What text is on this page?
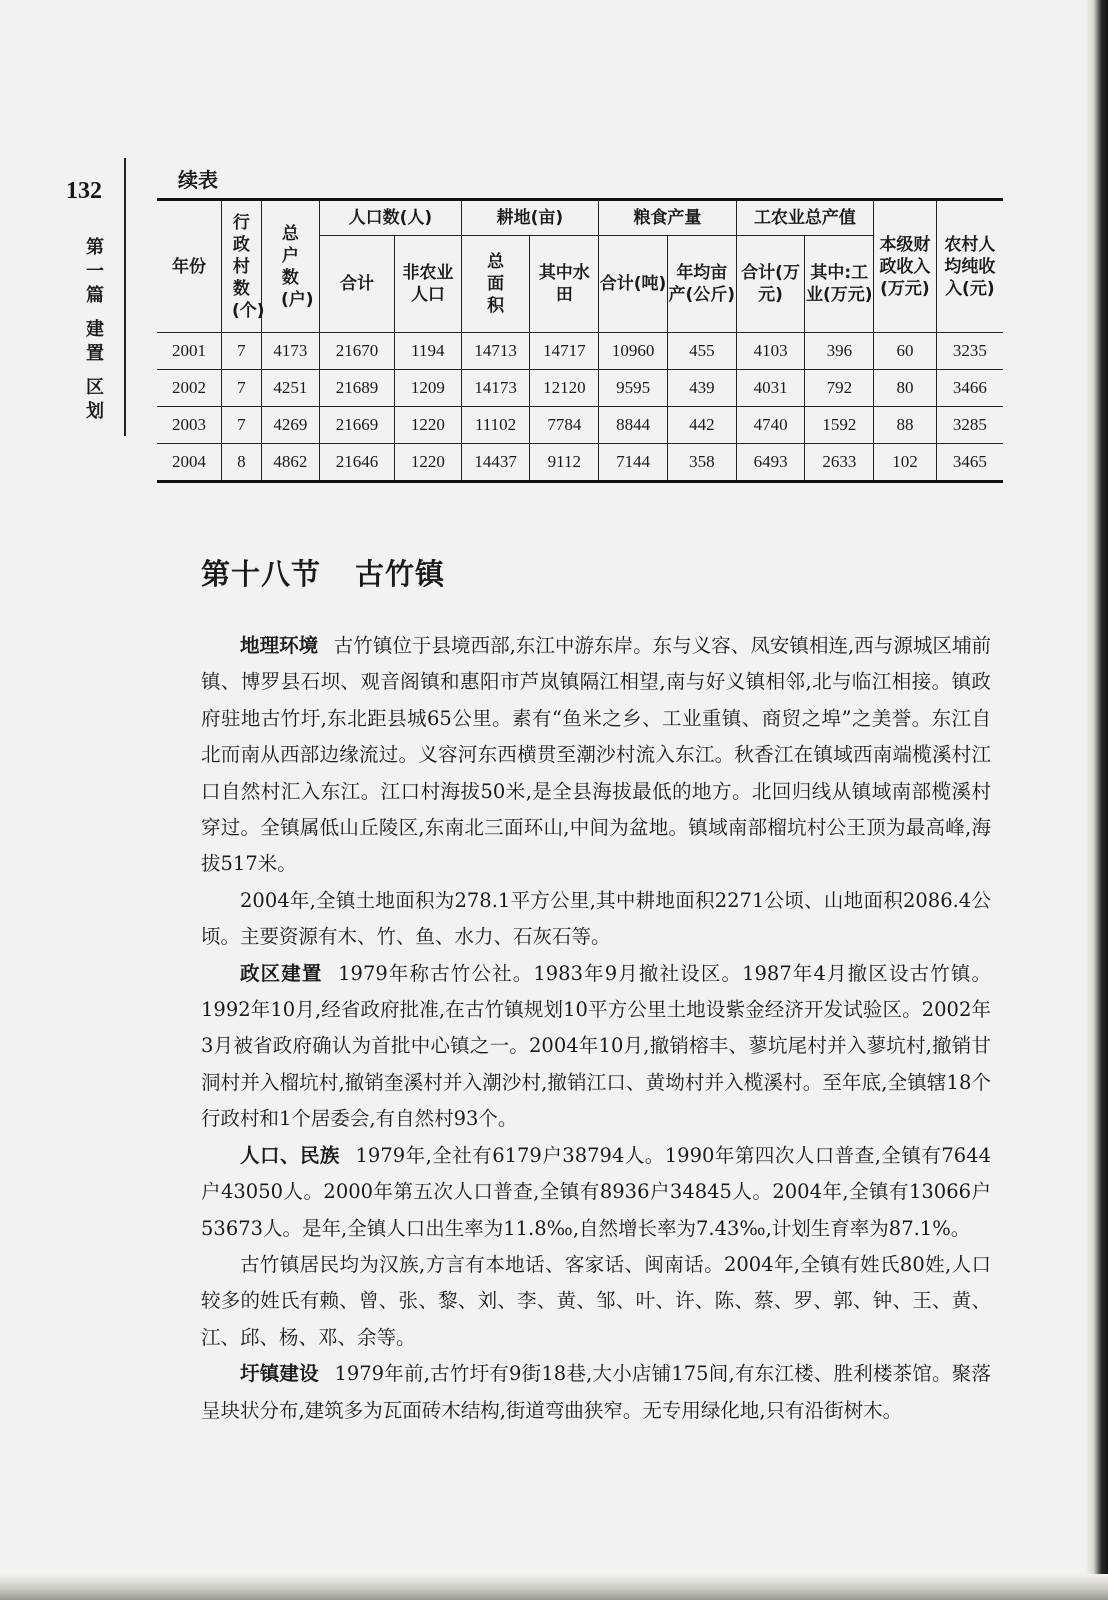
132
第
一
篇
建
置
区
划
续表
年份	行政村数(个)	总户数(户)	人口数(人)		耕地(亩)		粮食产量		工农业总产值		本级财政收入(万元)	农村人均纯收入(元)
			合计	非农业人口	总面积	其中水田	合计(吨)	年均亩产(公斤)	合计(万元)	其中:工业(万元)		
2001	7	4173	21670	1194	14713	14717	10960	455	4103	396	60	3235
2002	7	4251	21689	1209	14173	12120	9595	439	4031	792	80	3466
2003	7	4269	21669	1220	11102	7784	8844	442	4740	1592	88	3285
2004	8	4862	21646	1220	14437	9112	7144	358	6493	2633	102	3465
第十八节 古竹镇

地理环境 古竹镇位于县境西部,东江中游东岸。东与义容、凤安镇相连,西与源城区埔前镇、博罗县石坝、观音阁镇和惠阳市芦岚镇隔江相望,南与好义镇相邻,北与临江相接。镇政府驻地古竹圩,东北距县城65公里。素有“鱼米之乡、工业重镇、商贸之埠”之美誉。东江自北而南从西部边缘流过。义容河东西横贯至潮沙村流入东江。秋香江在镇域西南端榄溪村江口自然村汇入东江。江口村海拔50米,是全县海拔最低的地方。北回归线从镇域南部榄溪村穿过。全镇属低山丘陵区,东南北三面环山,中间为盆地。镇域南部榴坑村公王顶为最高峰,海拔517米。

2004年,全镇土地面积为278.1平方公里,其中耕地面积2271公顷、山地面积2086.4公顷。主要资源有木、竹、鱼、水力、石灰石等。

政区建置 1979年称古竹公社。1983年9月撤社设区。1987年4月撤区设古竹镇。1992年10月,经省政府批准,在古竹镇规划10平方公里土地设紫金经济开发试验区。2002年3月被省政府确认为首批中心镇之一。2004年10月,撤销榕丰、蓼坑尾村并入蓼坑村,撤销甘洞村并入榴坑村,撤销奎溪村并入潮沙村,撤销江口、黄坳村并入榄溪村。至年底,全镇辖18个行政村和1个居委会,有自然村93个。

人口、民族 1979年,全社有6179户38794人。1990年第四次人口普查,全镇有7644户43050人。2000年第五次人口普查,全镇有8936户34845人。2004年,全镇有13066户53673人。是年,全镇人口出生率为11.8‰,自然增长率为7.43‰,计划生育率为87.1%。

古竹镇居民均为汉族,方言有本地话、客家话、闽南话。2004年,全镇有姓氏80姓,人口较多的姓氏有赖、曾、张、黎、刘、李、黄、邹、叶、许、陈、蔡、罗、郭、钟、王、黄、江、邱、杨、邓、余等。

圩镇建设 1979年前,古竹圩有9街18巷,大小店铺175间,有东江楼、胜利楼茶馆。聚落呈块状分布,建筑多为瓦面砖木结构,街道弯曲狭窄。无专用绿化地,只有沿街树木。
